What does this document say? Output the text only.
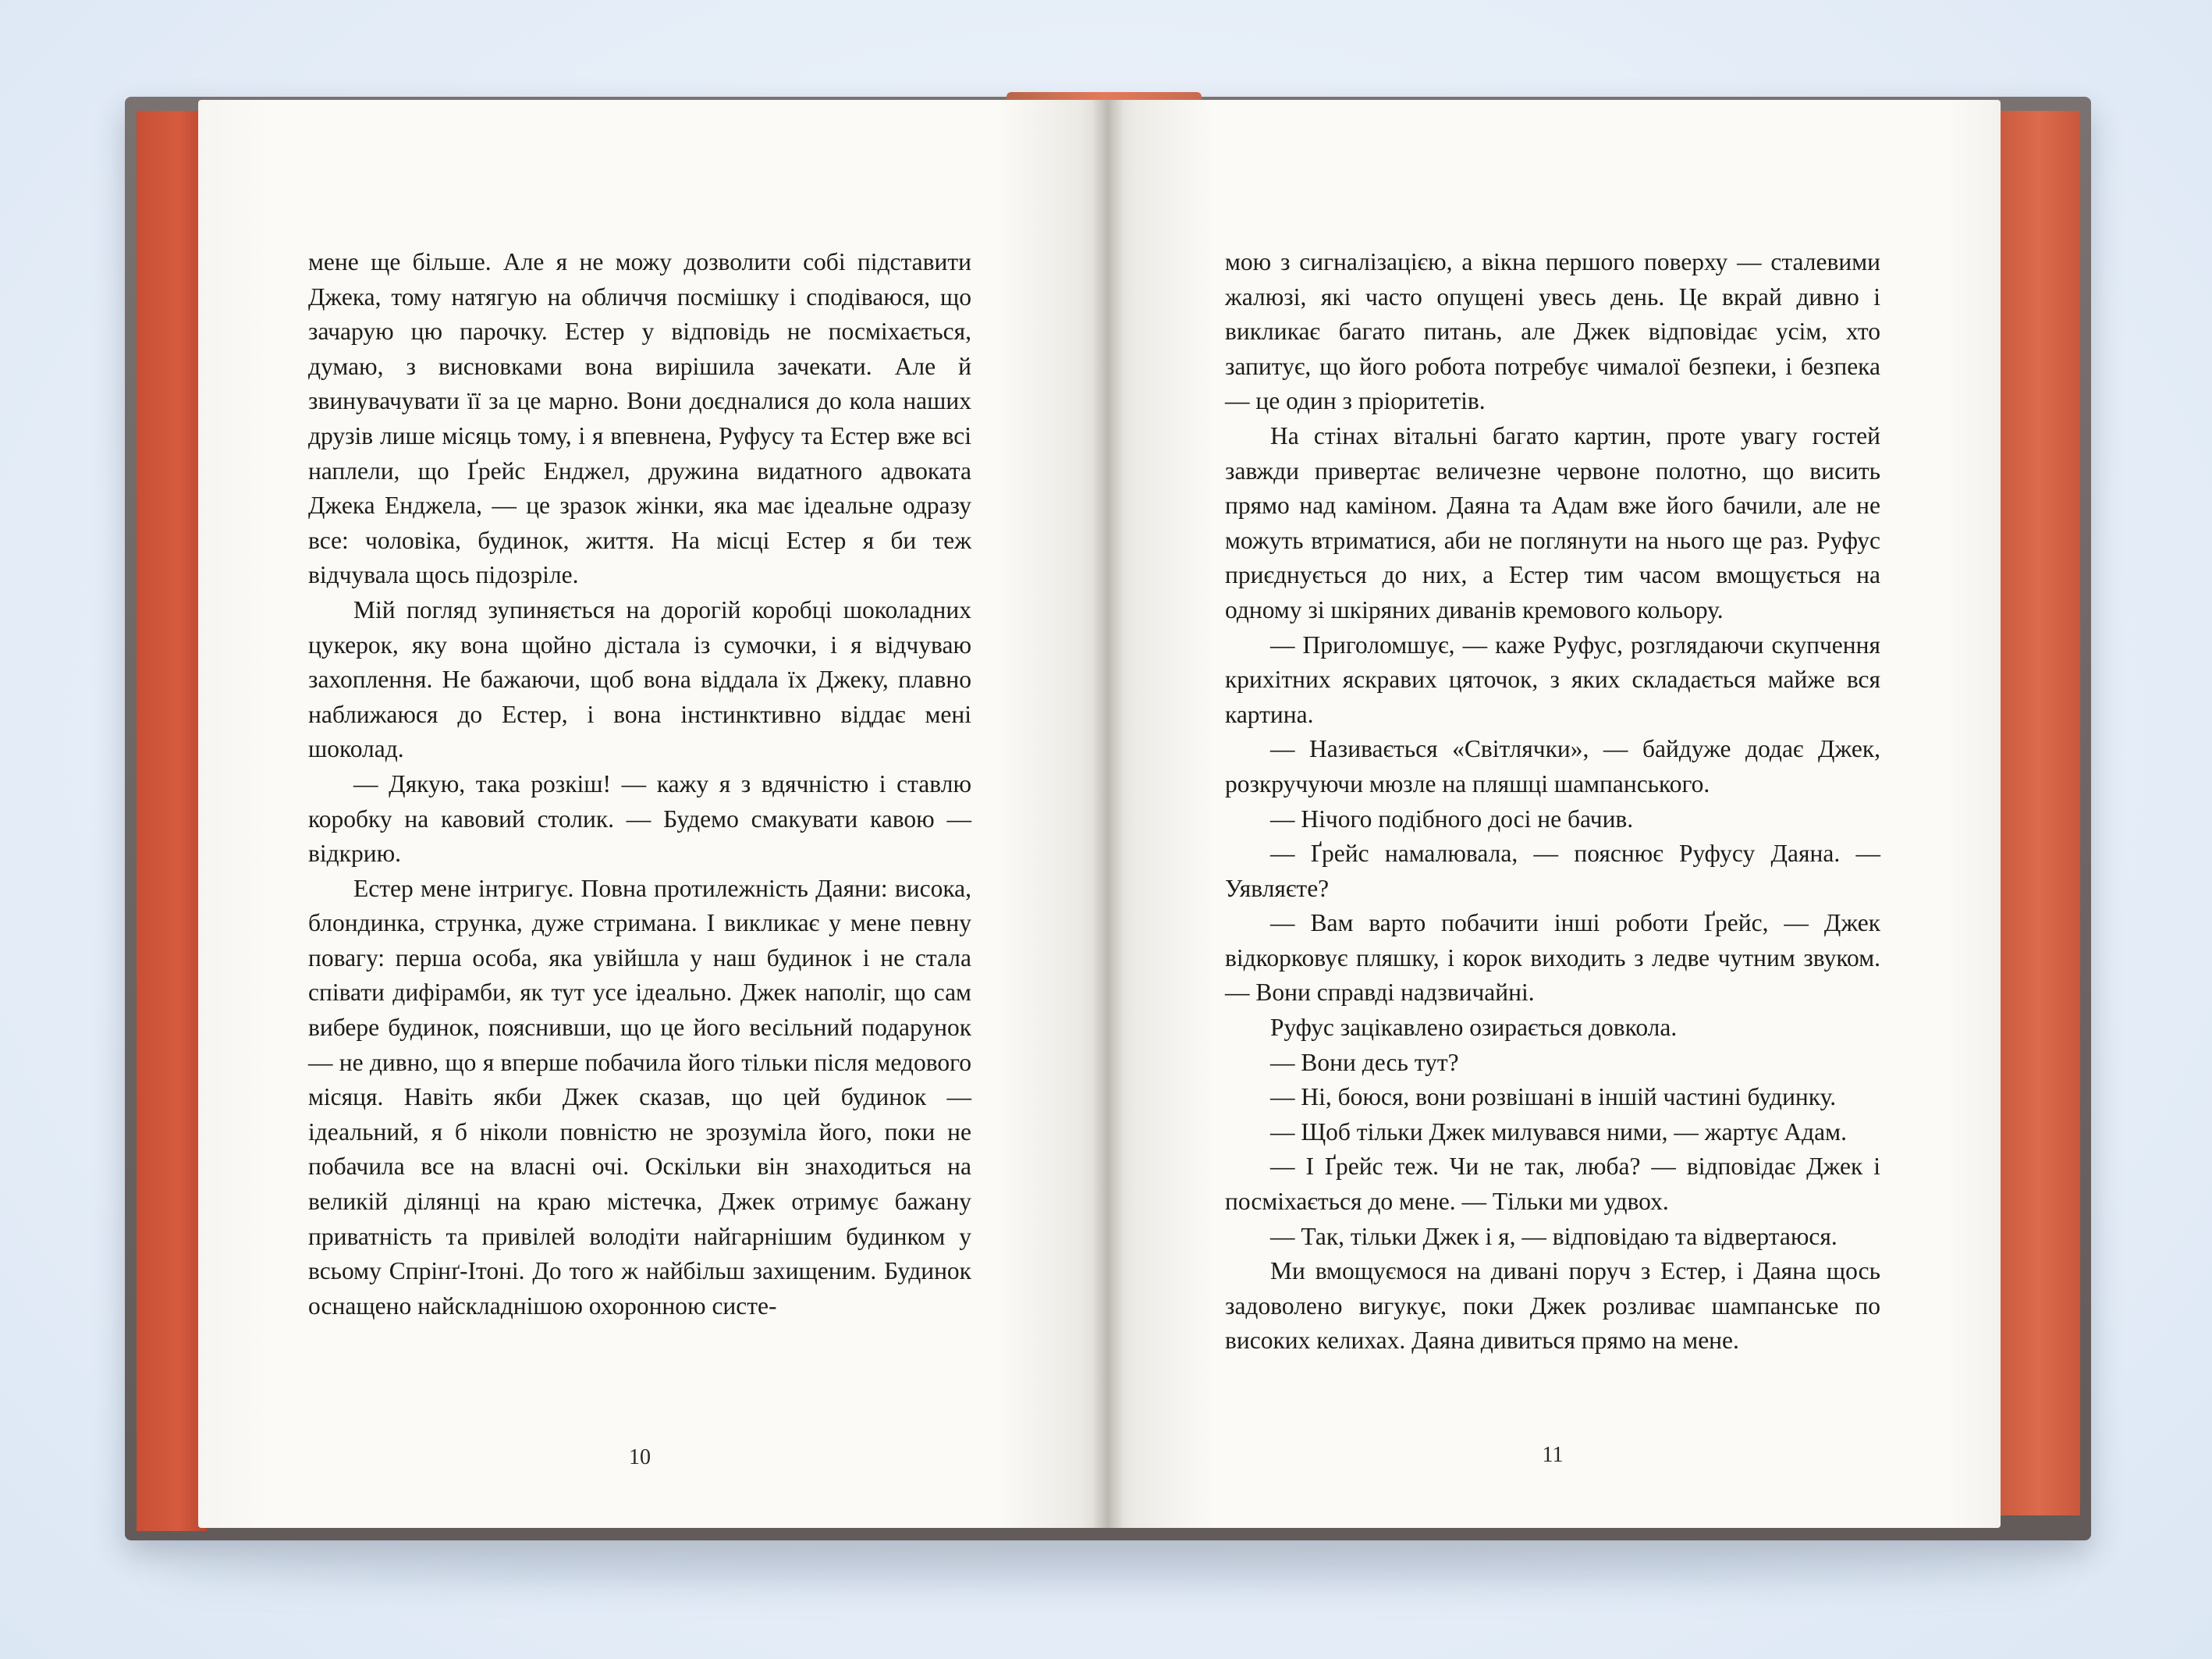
мене ще більше. Але я не можу дозволити собі підставити Джека, тому натягую на обличчя посмішку і сподіваюся, що зачарую цю парочку. Естер у відповідь не посміхається, думаю, з висновками вона вирішила зачекати. Але й звинувачувати її за це марно. Вони доєдналися до кола наших друзів лише місяць тому, і я впевнена, Руфусу та Естер вже всі наплели, що Ґрейс Енджел, дружина видатного адвоката Джека Енджела, — це зразок жінки, яка має ідеальне одразу все: чоловіка, будинок, життя. На місці Естер я би теж відчувала щось підозріле.

Мій погляд зупиняється на дорогій коробці шоколадних цукерок, яку вона щойно дістала із сумочки, і я відчуваю захоплення. Не бажаючи, щоб вона віддала їх Джеку, плавно наближаюся до Естер, і вона інстинктивно віддає мені шоколад.

— Дякую, така розкіш! — кажу я з вдячністю і ставлю коробку на кавовий столик. — Будемо смакувати кавою — відкрию.

Естер мене інтригує. Повна протилежність Даяни: висока, блондинка, струнка, дуже стримана. І викликає у мене певну повагу: перша особа, яка увійшла у наш будинок і не стала співати дифірамби, як тут усе ідеально. Джек наполіг, що сам вибере будинок, пояснивши, що це його весільний подарунок — не дивно, що я вперше побачила його тільки після медового місяця. Навіть якби Джек сказав, що цей будинок — ідеальний, я б ніколи повністю не зрозуміла його, поки не побачила все на власні очі. Оскільки він знаходиться на великій ділянці на краю містечка, Джек отримує бажану приватність та привілей володіти найгарнішим будинком у всьому Спрінґ-Ітоні. До того ж найбільш захищеним. Будинок оснащено найскладнішою охоронною систе-

мою з сигналізацією, а вікна першого поверху — сталевими жалюзі, які часто опущені увесь день. Це вкрай дивно і викликає багато питань, але Джек відповідає усім, хто запитує, що його робота потребує чималої безпеки, і безпека — це один з пріоритетів.

На стінах вітальні багато картин, проте увагу гостей завжди привертає величезне червоне полотно, що висить прямо над каміном. Даяна та Адам вже його бачили, але не можуть втриматися, аби не поглянути на нього ще раз. Руфус приєднується до них, а Естер тим часом вмощується на одному зі шкіряних диванів кремового кольору.

— Приголомшує, — каже Руфус, розглядаючи скупчення крихітних яскравих цяточок, з яких складається майже вся картина.

— Називається «Світлячки», — байдуже додає Джек, розкручуючи мюзле на пляшці шампанського.

— Нічого подібного досі не бачив.

— Ґрейс намалювала, — пояснює Руфусу Даяна. — Уявляєте?

— Вам варто побачити інші роботи Ґрейс, — Джек відкорковує пляшку, і корок виходить з ледве чутним звуком. — Вони справді надзвичайні.

Руфус зацікавлено озирається довкола.

— Вони десь тут?

— Ні, боюся, вони розвішані в іншій частині будинку.

— Щоб тільки Джек милувався ними, — жартує Адам.

— І Ґрейс теж. Чи не так, люба? — відповідає Джек і посміхається до мене. — Тільки ми удвох.

— Так, тільки Джек і я, — відповідаю та відвертаюся.

Ми вмощуємося на дивані поруч з Естер, і Даяна щось задоволено вигукує, поки Джек розливає шампанське по високих келихах. Даяна дивиться прямо на мене.

10	11
